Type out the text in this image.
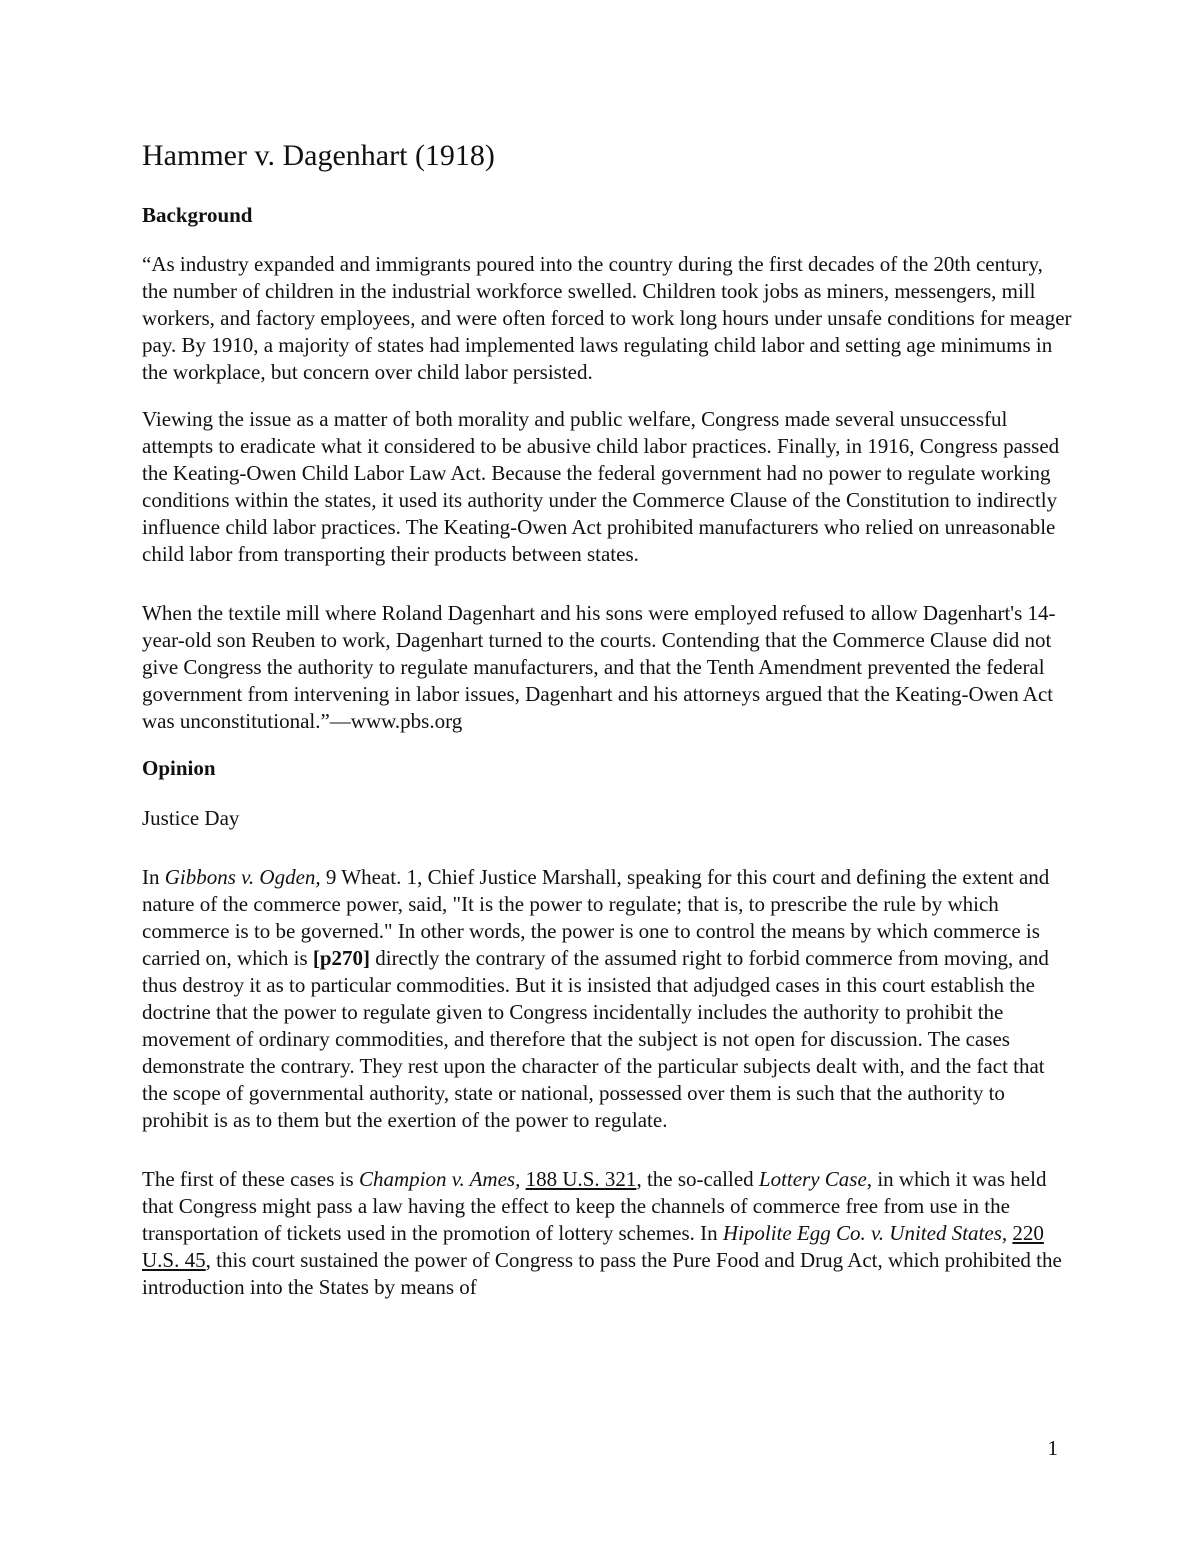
Hammer v. Dagenhart (1918)
Background

“As industry expanded and immigrants poured into the country during the first decades of the 20th century, the number of children in the industrial workforce swelled. Children took jobs as miners, messengers, mill workers, and factory employees, and were often forced to work long hours under unsafe conditions for meager pay. By 1910, a majority of states had implemented laws regulating child labor and setting age minimums in the workplace, but concern over child labor persisted.

Viewing the issue as a matter of both morality and public welfare, Congress made several unsuccessful attempts to eradicate what it considered to be abusive child labor practices. Finally, in 1916, Congress passed the Keating-Owen Child Labor Law Act. Because the federal government had no power to regulate working conditions within the states, it used its authority under the Commerce Clause of the Constitution to indirectly influence child labor practices. The Keating-Owen Act prohibited manufacturers who relied on unreasonable child labor from transporting their products between states.

When the textile mill where Roland Dagenhart and his sons were employed refused to allow Dagenhart's 14-year-old son Reuben to work, Dagenhart turned to the courts. Contending that the Commerce Clause did not give Congress the authority to regulate manufacturers, and that the Tenth Amendment prevented the federal government from intervening in labor issues, Dagenhart and his attorneys argued that the Keating-Owen Act was unconstitutional.”—www.pbs.org

Opinion

Justice Day

In Gibbons v. Ogden, 9 Wheat. 1, Chief Justice Marshall, speaking for this court and defining the extent and nature of the commerce power, said, "It is the power to regulate; that is, to prescribe the rule by which commerce is to be governed." In other words, the power is one to control the means by which commerce is carried on, which is [p270] directly the contrary of the assumed right to forbid commerce from moving, and thus destroy it as to particular commodities. But it is insisted that adjudged cases in this court establish the doctrine that the power to regulate given to Congress incidentally includes the authority to prohibit the movement of ordinary commodities, and therefore that the subject is not open for discussion. The cases demonstrate the contrary. They rest upon the character of the particular subjects dealt with, and the fact that the scope of governmental authority, state or national, possessed over them is such that the authority to prohibit is as to them but the exertion of the power to regulate.

The first of these cases is Champion v. Ames, 188 U.S. 321, the so-called Lottery Case, in which it was held that Congress might pass a law having the effect to keep the channels of commerce free from use in the transportation of tickets used in the promotion of lottery schemes. In Hipolite Egg Co. v. United States, 220 U.S. 45, this court sustained the power of Congress to pass the Pure Food and Drug Act, which prohibited the introduction into the States by means of

1
